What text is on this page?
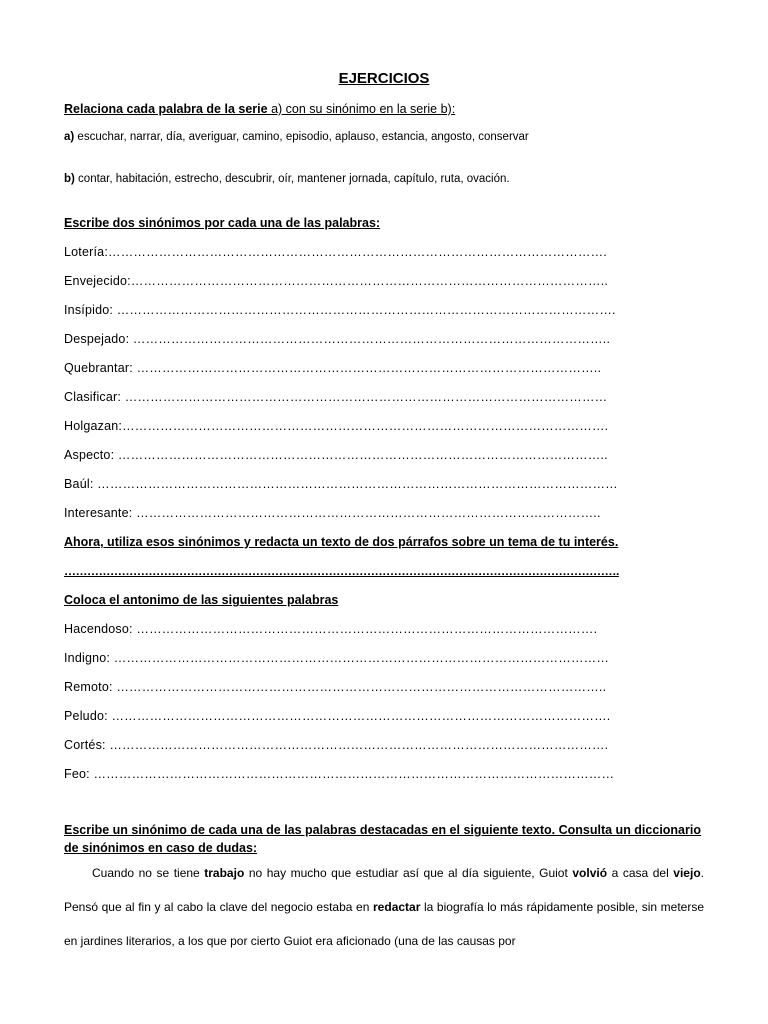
EJERCICIOS
Relaciona cada palabra de la serie a) con su sinónimo en la serie b):
a) escuchar, narrar, día, averiguar, camino, episodio, aplauso, estancia, angosto, conservar
b) contar, habitación, estrecho, descubrir, oír, mantener jornada, capítulo, ruta, ovación.
Escribe dos sinónimos por cada una de las palabras:
Lotería:……………………………………………………………………………………………………….
Envejecido:…………………………………………………………………………………………………..
Insípido: ……………………………………………………………………………………………………….
Despejado: …………………………………………………………………………………………………..
Quebrantar: ………………………………………………………………………………………………..
Clasificar: ……………………………………………………………………………………………………
Holgazan:…………………………………………………………………………………………………….
Aspecto: ……………………………………………………………………………………………………..
Baúl: ……………………………………………………………………………………………………………
Interesante: ………………………………………………………………………………………………..
Ahora, utiliza esos sinónimos y redacta un texto de dos párrafos sobre un tema de tu interés.
……………………………………………………………………………………………………………………………….
Coloca el antonimo de las siguientes palabras
Hacendoso: ……………………………………………………………………………………………….
Indigno: ………………………………………………………………………………………………………
Remoto: ……………………………………………………………………………………………………..
Peludo: ……………………………………………………………………………………………………….
Cortés: ……………………………………………………………………………………………………….
Feo: ……………………………………………………………………………………………………………
Escribe un sinónimo de cada una de las palabras destacadas en el siguiente texto. Consulta un diccionario de sinónimos en caso de dudas:
Cuando no se tiene trabajo no hay mucho que estudiar así que al día siguiente, Guiot volvió a casa del viejo. Pensó que al fin y al cabo la clave del negocio estaba en redactar la biografía lo más rápidamente posible, sin meterse en jardines literarios, a los que por cierto Guiot era aficionado (una de las causas por
